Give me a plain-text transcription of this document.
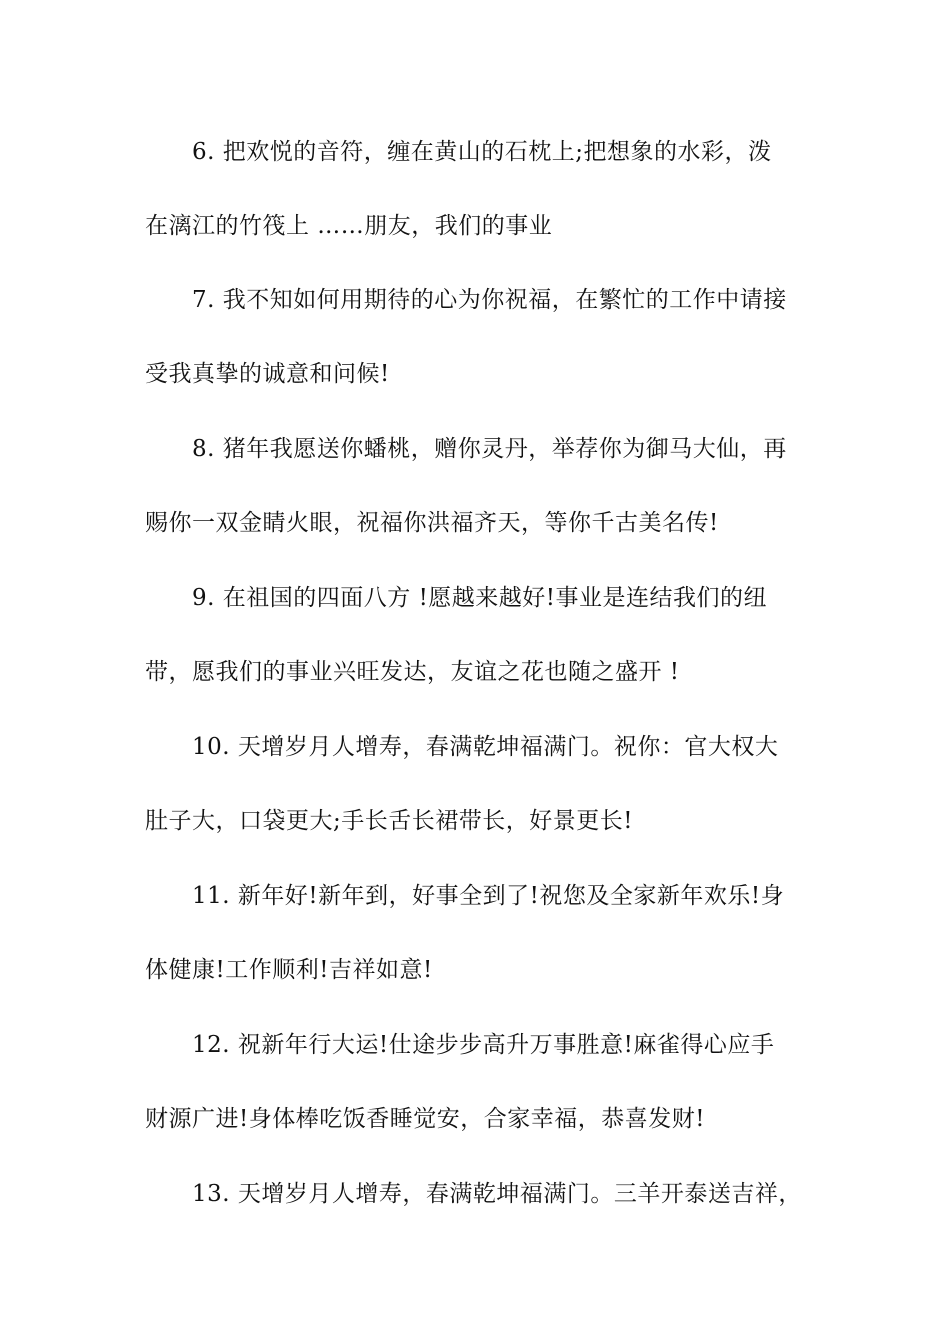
6. 把欢悦的音符，缠在黄山的石枕上;把想象的水彩，泼
在漓江的竹筏上 ……朋友，我们的事业
7. 我不知如何用期待的心为你祝福，在繁忙的工作中请接
受我真挚的诚意和问候!
8. 猪年我愿送你蟠桃，赠你灵丹，举荐你为御马大仙，再
赐你一双金睛火眼，祝福你洪福齐天，等你千古美名传!
9. 在祖国的四面八方 !愿越来越好!事业是连结我们的纽
带，愿我们的事业兴旺发达，友谊之花也随之盛开 !
10. 天增岁月人增寿，春满乾坤福满门。祝你：官大权大
肚子大，口袋更大;手长舌长裙带长，好景更长!
11. 新年好!新年到，好事全到了!祝您及全家新年欢乐!身
体健康!工作顺利!吉祥如意!
12. 祝新年行大运!仕途步步高升万事胜意!麻雀得心应手
财源广进!身体棒吃饭香睡觉安，合家幸福，恭喜发财!
13. 天增岁月人增寿，春满乾坤福满门。三羊开泰送吉祥，
